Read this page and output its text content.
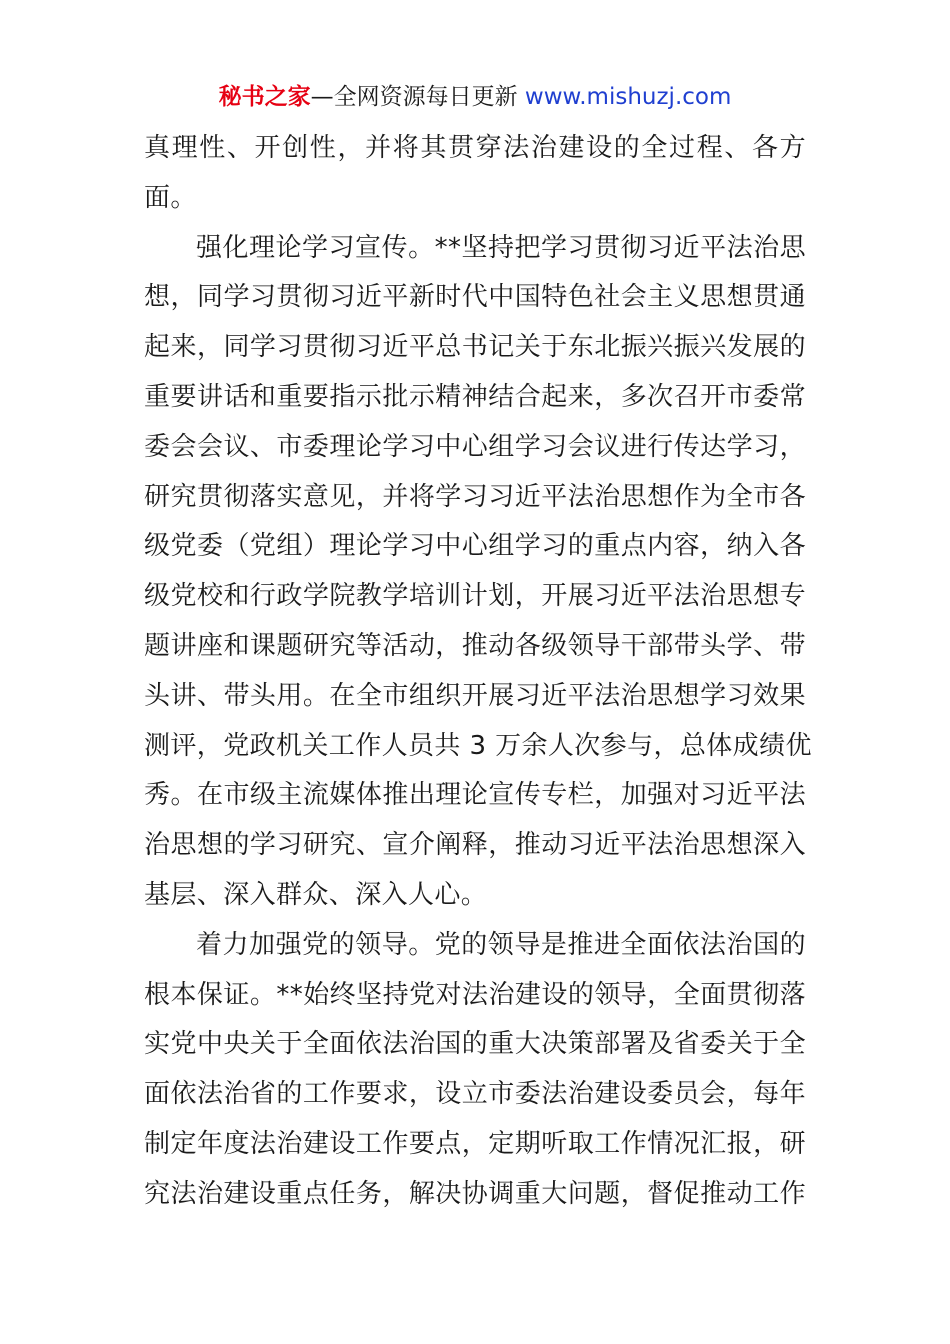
秘书之家—全网资源每日更新 www.mishuzj.com
真理性、开创性，并将其贯穿法治建设的全过程、各方
面。
强化理论学习宣传。**坚持把学习贯彻习近平法治思
想，同学习贯彻习近平新时代中国特色社会主义思想贯通
起来，同学习贯彻习近平总书记关于东北振兴振兴发展的
重要讲话和重要指示批示精神结合起来，多次召开市委常
委会会议、市委理论学习中心组学习会议进行传达学习，
研究贯彻落实意见，并将学习习近平法治思想作为全市各
级党委（党组）理论学习中心组学习的重点内容，纳入各
级党校和行政学院教学培训计划，开展习近平法治思想专
题讲座和课题研究等活动，推动各级领导干部带头学、带
头讲、带头用。在全市组织开展习近平法治思想学习效果
测评，党政机关工作人员共 3 万余人次参与，总体成绩优
秀。在市级主流媒体推出理论宣传专栏，加强对习近平法
治思想的学习研究、宣介阐释，推动习近平法治思想深入
基层、深入群众、深入人心。
着力加强党的领导。党的领导是推进全面依法治国的
根本保证。**始终坚持党对法治建设的领导，全面贯彻落
实党中央关于全面依法治国的重大决策部署及省委关于全
面依法治省的工作要求，设立市委法治建设委员会，每年
制定年度法治建设工作要点，定期听取工作情况汇报，研
究法治建设重点任务，解决协调重大问题，督促推动工作
